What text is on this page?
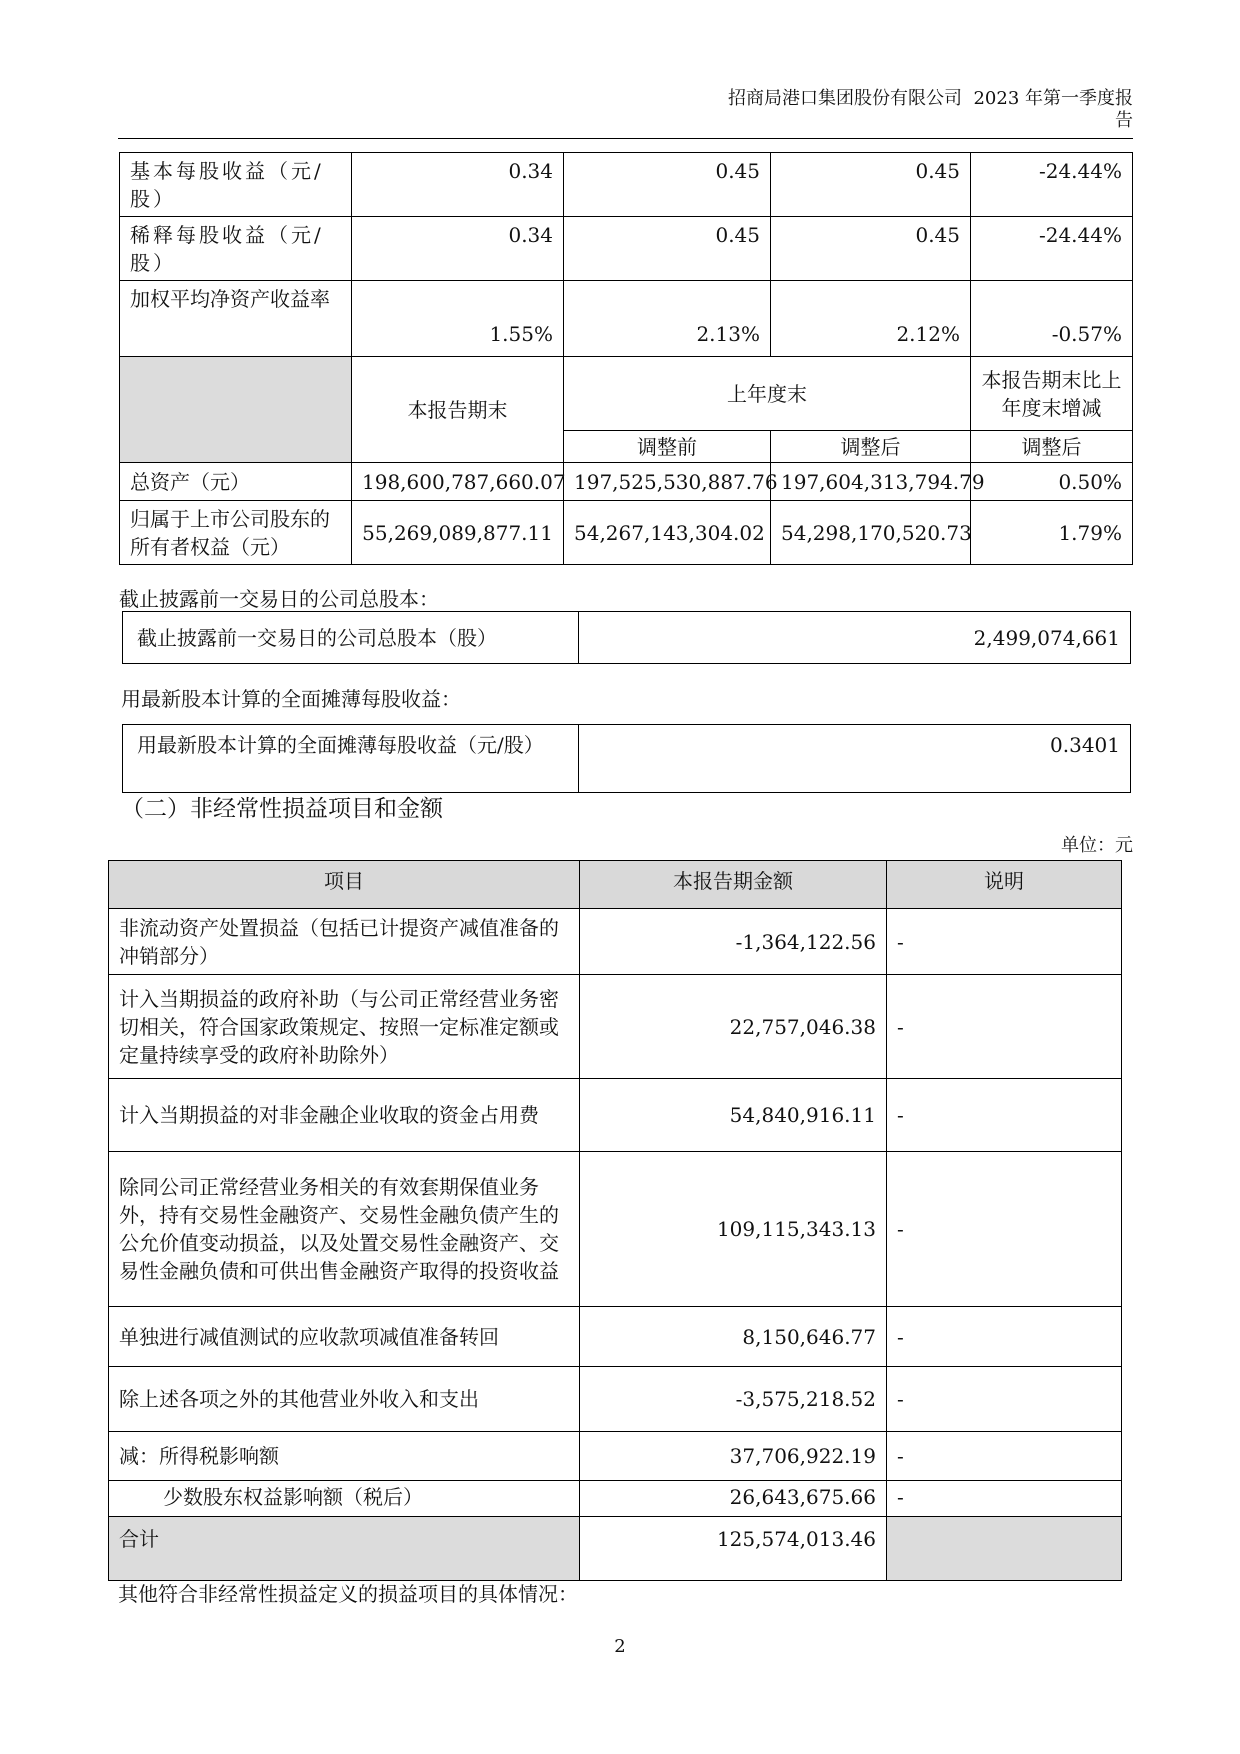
招商局港口集团股份有限公司 2023 年第一季度报
告
基本每股收益（元/股）	0.34	0.45	0.45	-24.44%
稀释每股收益（元/股）	0.34	0.45	0.45	-24.44%
加权平均净资产收益率	1.55%	2.13%	2.12%	-0.57%
	本报告期末	上年度末		本报告期末比上年度末增减
		调整前	调整后	调整后
总资产（元）	198,600,787,660.07	197,525,530,887.76	197,604,313,794.79	0.50%
归属于上市公司股东的所有者权益（元）	55,269,089,877.11	54,267,143,304.02	54,298,170,520.73	1.79%
截止披露前一交易日的公司总股本：
截止披露前一交易日的公司总股本（股）	2,499,074,661
用最新股本计算的全面摊薄每股收益：
用最新股本计算的全面摊薄每股收益（元/股）	0.3401
（二）非经常性损益项目和金额
单位：元
项目	本报告期金额	说明
非流动资产处置损益（包括已计提资产减值准备的冲销部分）	-1,364,122.56	-
计入当期损益的政府补助（与公司正常经营业务密切相关，符合国家政策规定、按照一定标准定额或定量持续享受的政府补助除外）	22,757,046.38	-
计入当期损益的对非金融企业收取的资金占用费	54,840,916.11	-
除同公司正常经营业务相关的有效套期保值业务外，持有交易性金融资产、交易性金融负债产生的公允价值变动损益，以及处置交易性金融资产、交易性金融负债和可供出售金融资产取得的投资收益	109,115,343.13	-
单独进行减值测试的应收款项减值准备转回	8,150,646.77	-
除上述各项之外的其他营业外收入和支出	-3,575,218.52	-
减：所得税影响额	37,706,922.19	-
少数股东权益影响额（税后）	26,643,675.66	-
合计	125,574,013.46	
其他符合非经常性损益定义的损益项目的具体情况：
2
